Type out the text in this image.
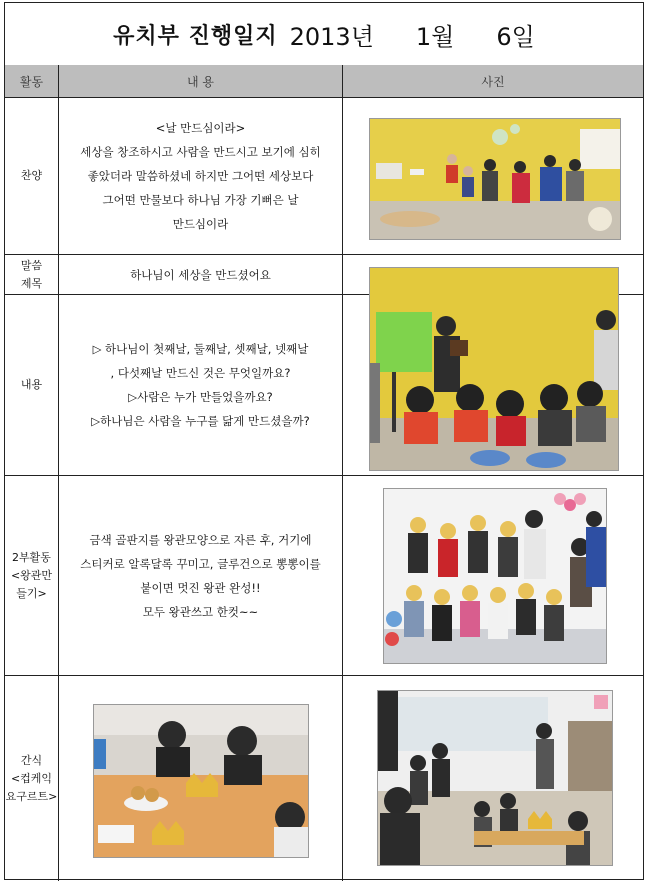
유치부 진행일지 2013년 1월 6일
활동	내 용	사진
찬양

<날 만드심이라>

세상을 창조하시고 사람을 만드시고 보기에 심히

좋았더라 말씀하셨네 하지만 그어떤 세상보다

그어떤 만물보다 하나님 가장 기뻐은 날

만드심이라

말씀
제목
하나님이 세상을 만드셨어요
내용

▷ 하나님이 첫째날, 둘째날, 셋째날, 넷째날

, 다섯째날 만드신 것은 무엇일까요?

▷사람은 누가 만들었을까요?

▷하나님은 사람을 누구를 닮게 만드셨을까?

2부활동
<왕관만
들기>

금색 골판지를 왕관모양으로 자른 후, 거기에

스티커로 알록달록 꾸미고, 글루건으로 뽕뽕이를

붙이면 멋진 왕관 완성!!

모두 왕관쓰고 한컷~~

간식
<컵케익
요구르트>
